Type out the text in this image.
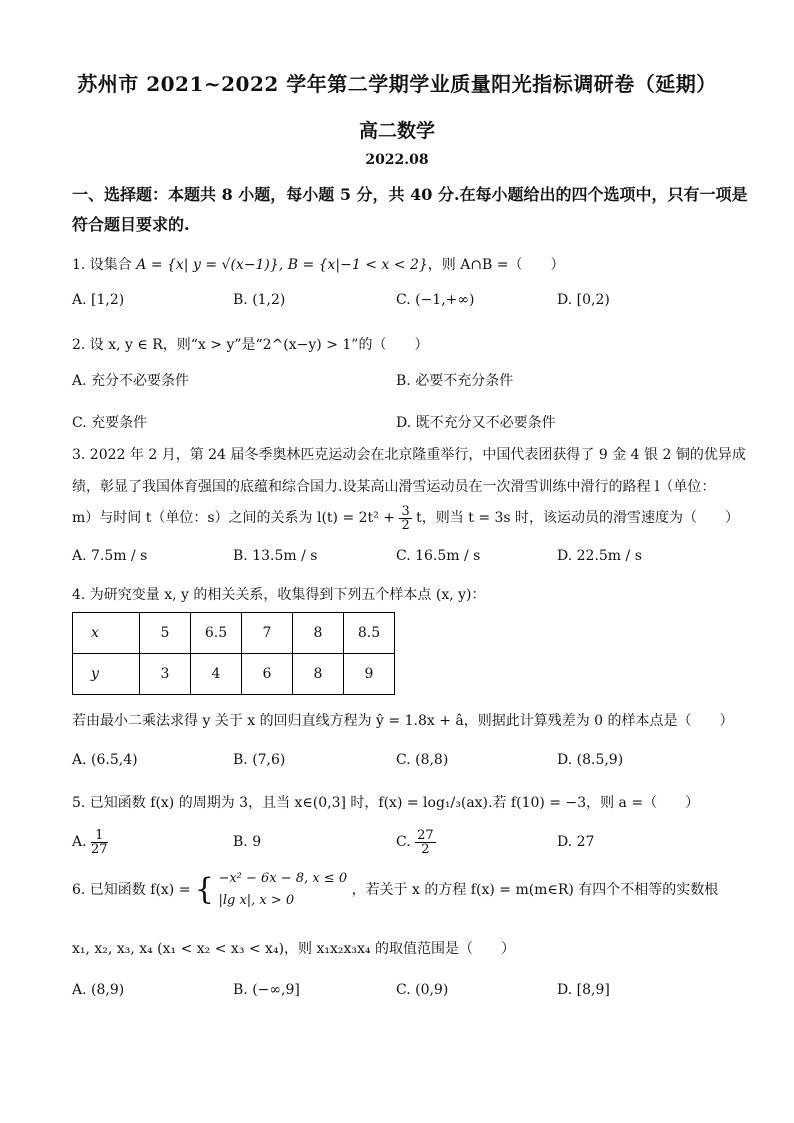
苏州市 2021~2022 学年第二学期学业质量阳光指标调研卷（延期）
高二数学
2022.08
一、选择题：本题共 8 小题，每小题 5 分，共 40 分.在每小题给出的四个选项中，只有一项是
符合题目要求的.
1. 设集合 A = {x| y = √(x−1)}, B = {x|−1 < x < 2}，则 A∩B =（　　）
A. [1,2)	B. (1,2)	C. (−1,+∞)	D. [0,2)
2. 设 x, y ∈ R，则“x > y”是“2^(x−y) > 1”的（　　）
A. 充分不必要条件	B. 必要不充分条件
C. 充要条件	D. 既不充分又不必要条件
3. 2022 年 2 月，第 24 届冬季奥林匹克运动会在北京隆重举行，中国代表团获得了 9 金 4 银 2 铜的优异成
绩，彰显了我国体育强国的底蕴和综合国力.设某高山滑雪运动员在一次滑雪训练中滑行的路程 l（单位：
m）与时间 t（单位：s）之间的关系为 $l(t) = 2t^2 + \frac{3}{2}$ t，则当 t = 3s 时，该运动员的滑雪速度为（　　）
A. 7.5m / s	B. 13.5m / s	C. 16.5m / s	D. 22.5m / s
4. 为研究变量 x, y 的相关关系，收集得到下列五个样本点 (x, y)：
x	5	6.5	7	8	8.5
y	3	4	6	8	9
若由最小二乘法求得 y 关于 x 的回归直线方程为 ŷ = 1.8x + â，则据此计算残差为 0 的样本点是（　　）
A. (6.5,4)	B. (7,6)	C. (8,8)	D. (8.5,9)
5. 已知函数 f(x) 的周期为 3，且当 x∈(0,3] 时，f(x) = log₁/₃(ax).若 f(10) = −3，则 a =（　　）
A. $\frac{1}{27}$	B. 9	C. $\frac{27}{2}$	D. 27
6. 已知函数 f(x) = { −x² − 6x − 8, x ≤ 0
|lg x|, x > 0
，若关于 x 的方程 f(x) = m(m∈R) 有四个不相等的实数根
x₁, x₂, x₃, x₄ (x₁ < x₂ < x₃ < x₄)，则 x₁x₂x₃x₄ 的取值范围是（　　）
A. (8,9)	B. (−∞,9]	C. (0,9)	D. [8,9]
